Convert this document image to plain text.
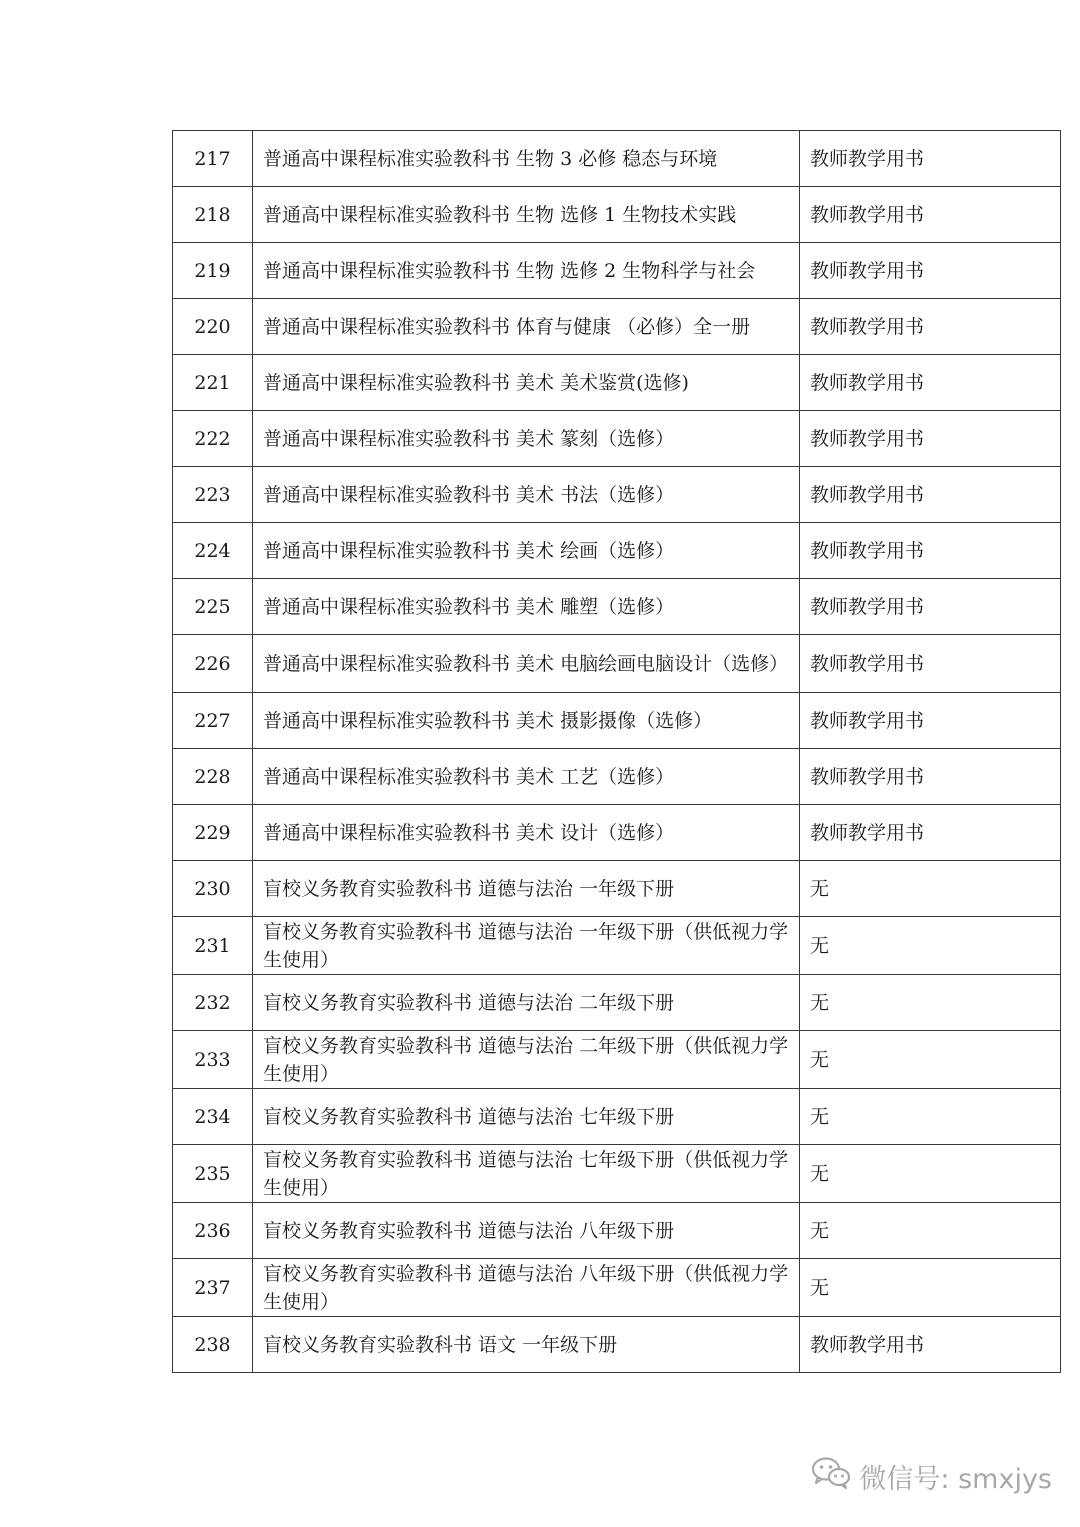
217	普通高中课程标准实验教科书 生物 3 必修 稳态与环境	教师教学用书
218	普通高中课程标准实验教科书 生物 选修 1 生物技术实践	教师教学用书
219	普通高中课程标准实验教科书 生物 选修 2 生物科学与社会	教师教学用书
220	普通高中课程标准实验教科书 体育与健康 （必修）全一册	教师教学用书
221	普通高中课程标准实验教科书 美术 美术鉴赏(选修)	教师教学用书
222	普通高中课程标准实验教科书 美术 篆刻（选修）	教师教学用书
223	普通高中课程标准实验教科书 美术 书法（选修）	教师教学用书
224	普通高中课程标准实验教科书 美术 绘画（选修）	教师教学用书
225	普通高中课程标准实验教科书 美术 雕塑（选修）	教师教学用书
226	普通高中课程标准实验教科书 美术 电脑绘画电脑设计（选修）	教师教学用书
227	普通高中课程标准实验教科书 美术 摄影摄像（选修）	教师教学用书
228	普通高中课程标准实验教科书 美术 工艺（选修）	教师教学用书
229	普通高中课程标准实验教科书 美术 设计（选修）	教师教学用书
230	盲校义务教育实验教科书 道德与法治 一年级下册	无
231	盲校义务教育实验教科书 道德与法治 一年级下册（供低视力学生使用）	无
232	盲校义务教育实验教科书 道德与法治 二年级下册	无
233	盲校义务教育实验教科书 道德与法治 二年级下册（供低视力学生使用）	无
234	盲校义务教育实验教科书 道德与法治 七年级下册	无
235	盲校义务教育实验教科书 道德与法治 七年级下册（供低视力学生使用）	无
236	盲校义务教育实验教科书 道德与法治 八年级下册	无
237	盲校义务教育实验教科书 道德与法治 八年级下册（供低视力学生使用）	无
238	盲校义务教育实验教科书 语文 一年级下册	教师教学用书
微信号: smxjys
